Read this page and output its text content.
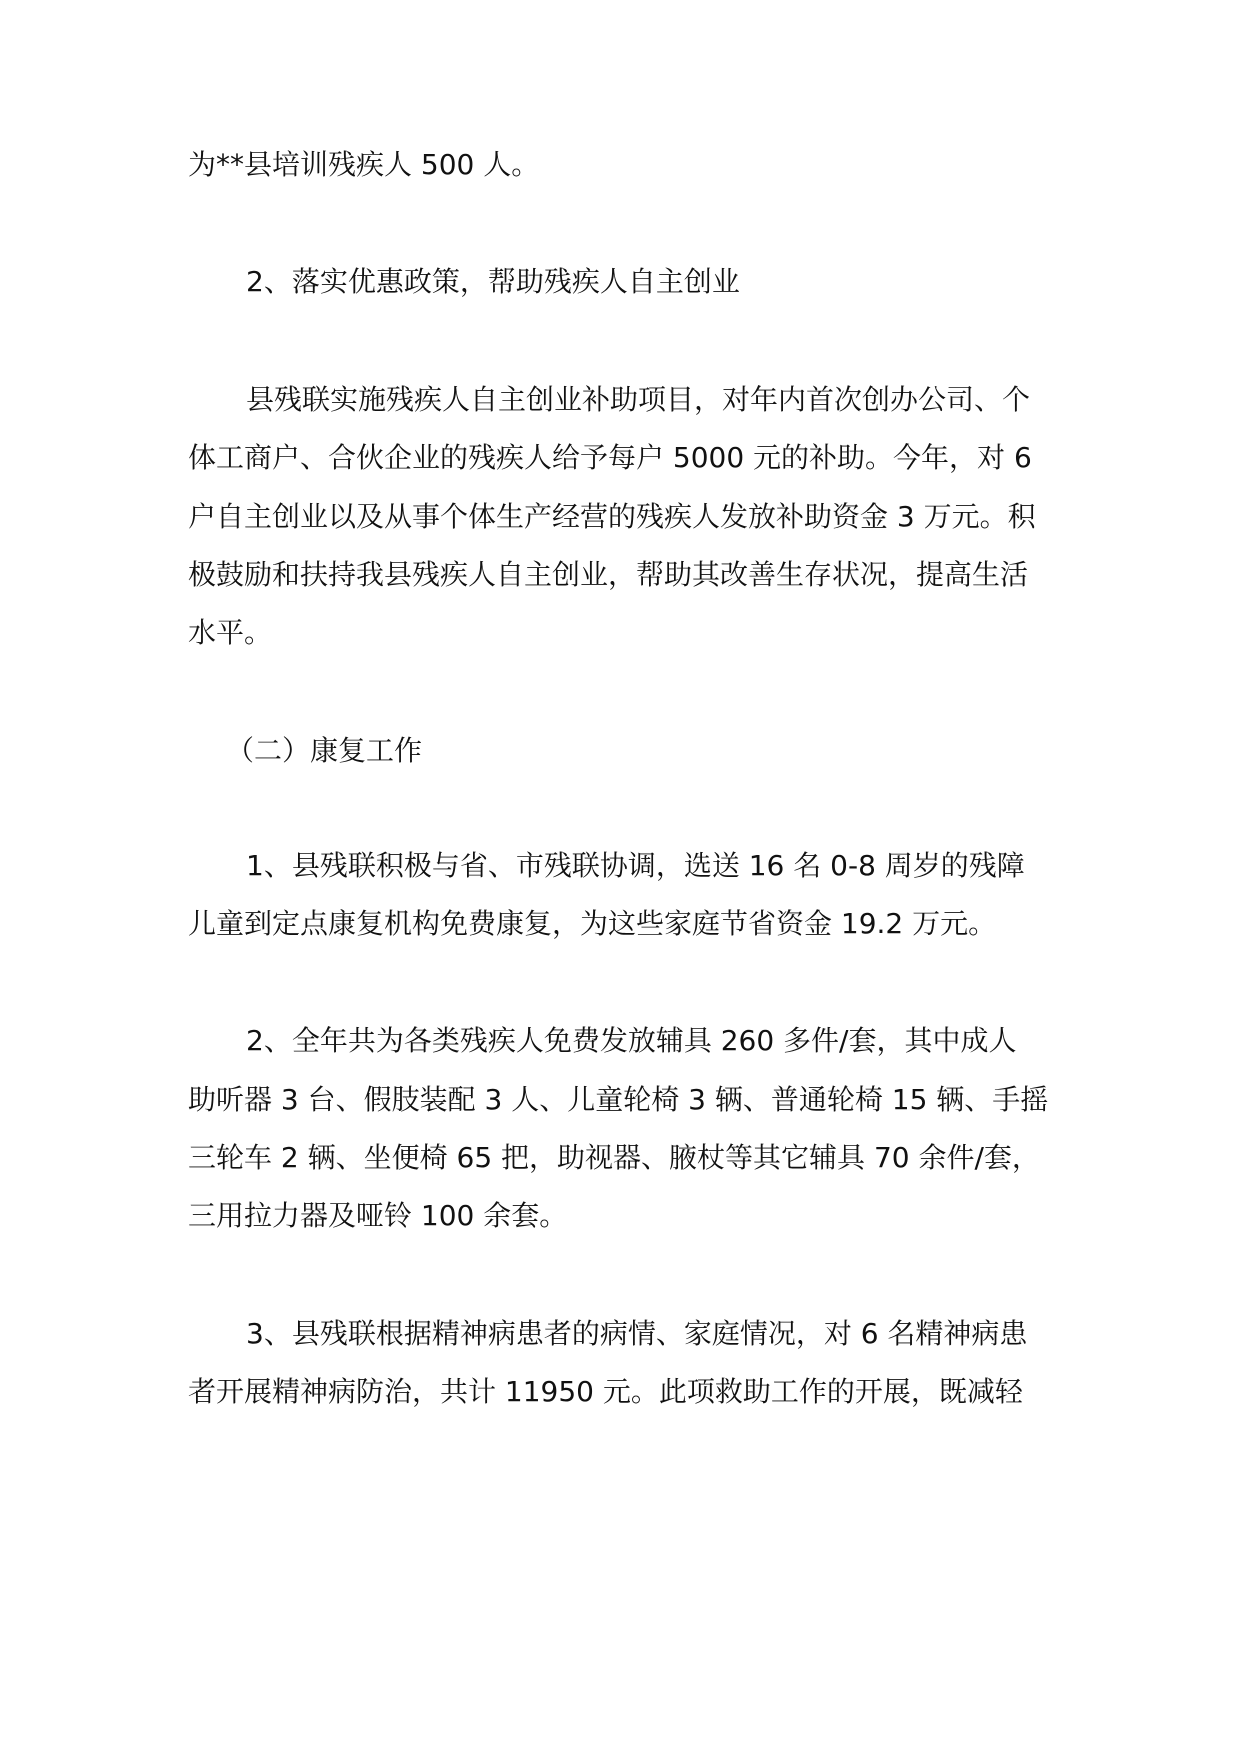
为**县培训残疾人 500 人。
2、落实优惠政策，帮助残疾人自主创业
县残联实施残疾人自主创业补助项目，对年内首次创办公司、个
体工商户、合伙企业的残疾人给予每户 5000 元的补助。今年，对 6
户自主创业以及从事个体生产经营的残疾人发放补助资金 3 万元。积
极鼓励和扶持我县残疾人自主创业，帮助其改善生存状况，提高生活
水平。
（二）康复工作
1、县残联积极与省、市残联协调，选送 16 名 0-8 周岁的残障
儿童到定点康复机构免费康复，为这些家庭节省资金 19.2 万元。
2、全年共为各类残疾人免费发放辅具 260 多件/套，其中成人
助听器 3 台、假肢装配 3 人、儿童轮椅 3 辆、普通轮椅 15 辆、手摇
三轮车 2 辆、坐便椅 65 把，助视器、腋杖等其它辅具 70 余件/套，
三用拉力器及哑铃 100 余套。
3、县残联根据精神病患者的病情、家庭情况，对 6 名精神病患
者开展精神病防治，共计 11950 元。此项救助工作的开展，既减轻
